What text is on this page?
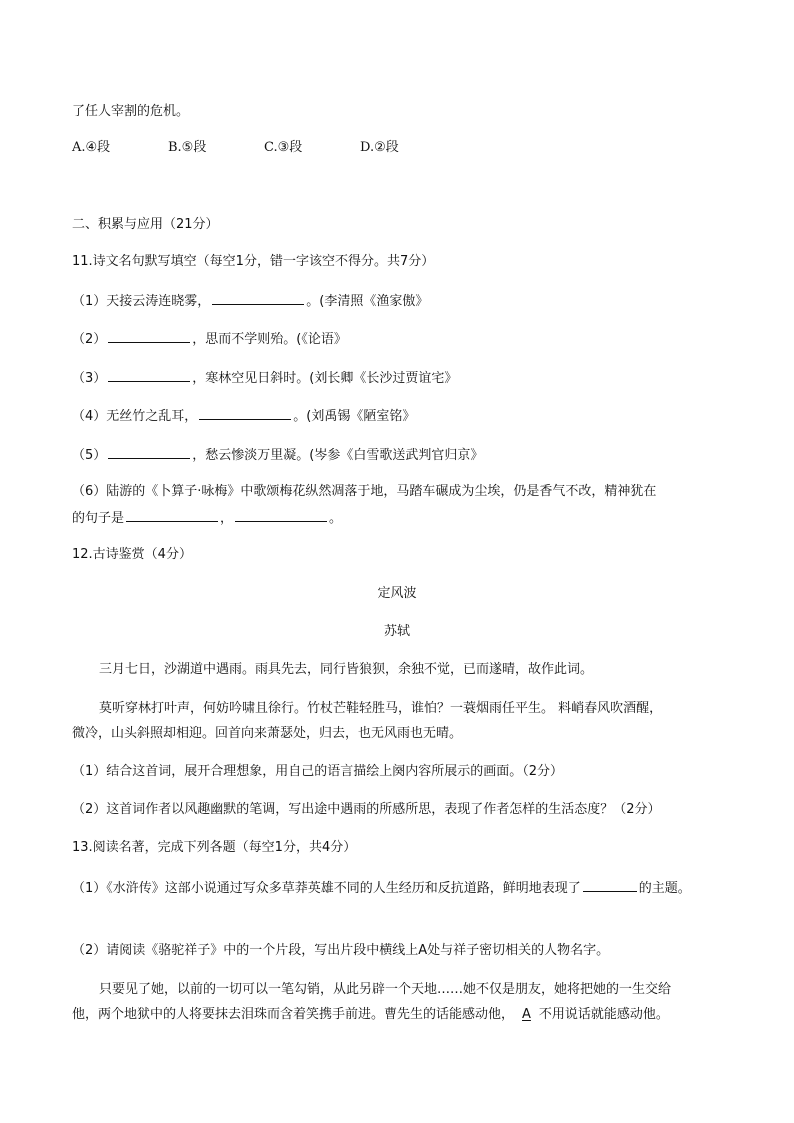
了任人宰割的危机。
A.④段	B.⑤段	C.③段	D.②段
二、积累与应用（21分）
11.诗文名句默写填空（每空1分，错一字该空不得分。共7分）
（1）天接云涛连晓雾，	。(李清照《渔家傲》
（2）	，思而不学则殆。(《论语》
（3）	，寒林空见日斜时。(刘长卿《长沙过贾谊宅》
（4）无丝竹之乱耳，	。(刘禹锡《陋室铭》
（5）	，愁云惨淡万里凝。(岑参《白雪歌送武判官归京》
（6）陆游的《卜算子·咏梅》中歌颂梅花纵然凋落于地，马踏车碾成为尘埃，仍是香气不改，精神犹在
的句子是	，	。
12.古诗鉴赏（4分）
定风波
苏轼
三月七日，沙湖道中遇雨。雨具先去，同行皆狼狈，余独不觉，已而遂晴，故作此词。
莫听穿林打叶声，何妨吟啸且徐行。竹杖芒鞋轻胜马，谁怕？一蓑烟雨任平生。 料峭春风吹酒醒，
微冷，山头斜照却相迎。回首向来萧瑟处，归去，也无风雨也无晴。
（1）结合这首词，展开合理想象，用自己的语言描绘上阕内容所展示的画面。（2分）
（2）这首词作者以风趣幽默的笔调，写出途中遇雨的所感所思，表现了作者怎样的生活态度？（2分）
13.阅读名著，完成下列各题（每空1分，共4分）
（1）《水浒传》这部小说通过写众多草莽英雄不同的人生经历和反抗道路，鲜明地表现了	的主题。
（2）请阅读《骆驼祥子》中的一个片段，写出片段中横线上A处与祥子密切相关的人物名字。
只要见了她，以前的一切可以一笔勾销，从此另辟一个天地……她不仅是朋友，她将把她的一生交给
他，两个地狱中的人将要抹去泪珠而含着笑携手前进。曹先生的话能感动他， A 不用说话就能感动他。
